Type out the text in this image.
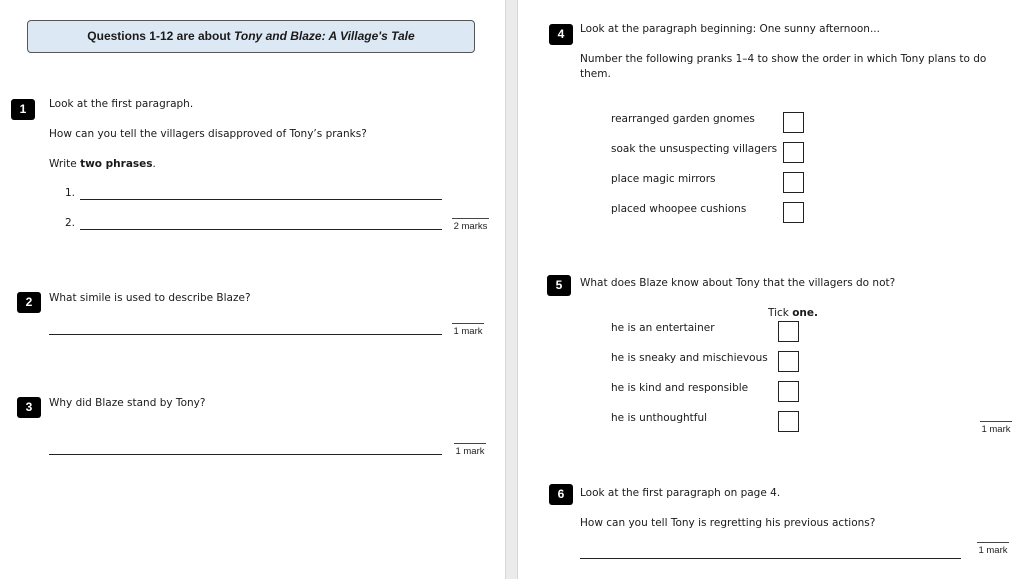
Questions 1-12 are about Tony and Blaze: A Village's Tale
1	Look at the first paragraph.
How can you tell the villagers disapproved of Tony’s pranks?
Write two phrases.
1.
2.	2 marks
2	What simile is used to describe Blaze?
1 mark
3	Why did Blaze stand by Tony?
1 mark
4	Look at the paragraph beginning: One sunny afternoon...
Number the following pranks 1–4 to show the order in which Tony plans to do
them.
rearranged garden gnomes
soak the unsuspecting villagers
place magic mirrors
placed whoopee cushions
5	What does Blaze know about Tony that the villagers do not?
Tick one.
he is an entertainer
he is sneaky and mischievous
he is kind and responsible
he is unthoughtful
1 mark
6	Look at the first paragraph on page 4.
How can you tell Tony is regretting his previous actions?
1 mark
